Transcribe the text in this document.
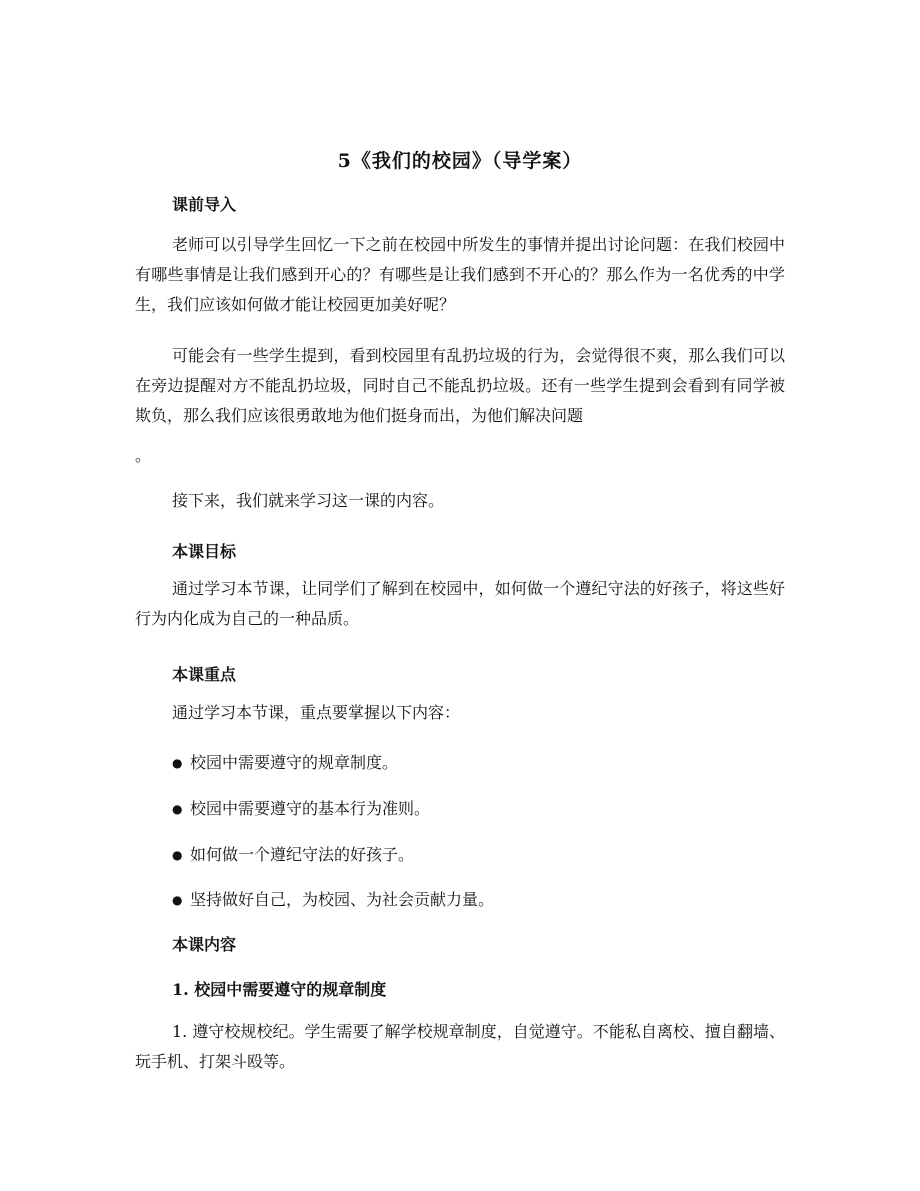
5《我们的校园》（导学案）
课前导入

老师可以引导学生回忆一下之前在校园中所发生的事情并提出讨论问题：在我们校园中有哪些事情是让我们感到开心的？有哪些是让我们感到不开心的？那么作为一名优秀的中学生，我们应该如何做才能让校园更加美好呢？

可能会有一些学生提到，看到校园里有乱扔垃圾的行为，会觉得很不爽，那么我们可以在旁边提醒对方不能乱扔垃圾，同时自己不能乱扔垃圾。还有一些学生提到会看到有同学被欺负，那么我们应该很勇敢地为他们挺身而出，为他们解决问题

。

接下来，我们就来学习这一课的内容。

本课目标

通过学习本节课，让同学们了解到在校园中，如何做一个遵纪守法的好孩子，将这些好行为内化成为自己的一种品质。

本课重点

通过学习本节课，重点要掌握以下内容：

● 校园中需要遵守的规章制度。

● 校园中需要遵守的基本行为准则。

● 如何做一个遵纪守法的好孩子。

● 坚持做好自己，为校园、为社会贡献力量。

本课内容
1. 校园中需要遵守的规章制度

1. 遵守校规校纪。学生需要了解学校规章制度，自觉遵守。不能私自离校、擅自翻墙、玩手机、打架斗殴等。
